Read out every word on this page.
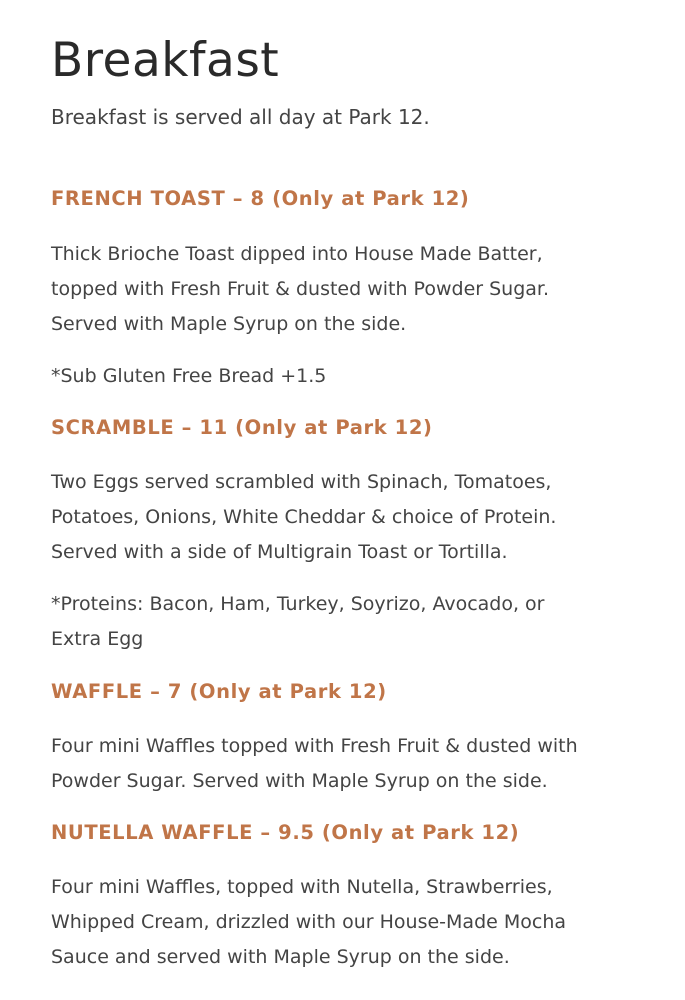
Breakfast

Breakfast is served all day at Park 12.

FRENCH TOAST – 8 (Only at Park 12)

Thick Brioche Toast dipped into House Made Batter,

topped with Fresh Fruit & dusted with Powder Sugar.

Served with Maple Syrup on the side.

*Sub Gluten Free Bread +1.5

SCRAMBLE – 11 (Only at Park 12)

Two Eggs served scrambled with Spinach, Tomatoes,

Potatoes, Onions, White Cheddar & choice of Protein.

Served with a side of Multigrain Toast or Tortilla.

*Proteins: Bacon, Ham, Turkey, Soyrizo, Avocado, or

Extra Egg

WAFFLE – 7 (Only at Park 12)

Four mini Waffles topped with Fresh Fruit & dusted with

Powder Sugar. Served with Maple Syrup on the side.

NUTELLA WAFFLE – 9.5 (Only at Park 12)

Four mini Waffles, topped with Nutella, Strawberries,

Whipped Cream, drizzled with our House-Made Mocha

Sauce and served with Maple Syrup on the side.
